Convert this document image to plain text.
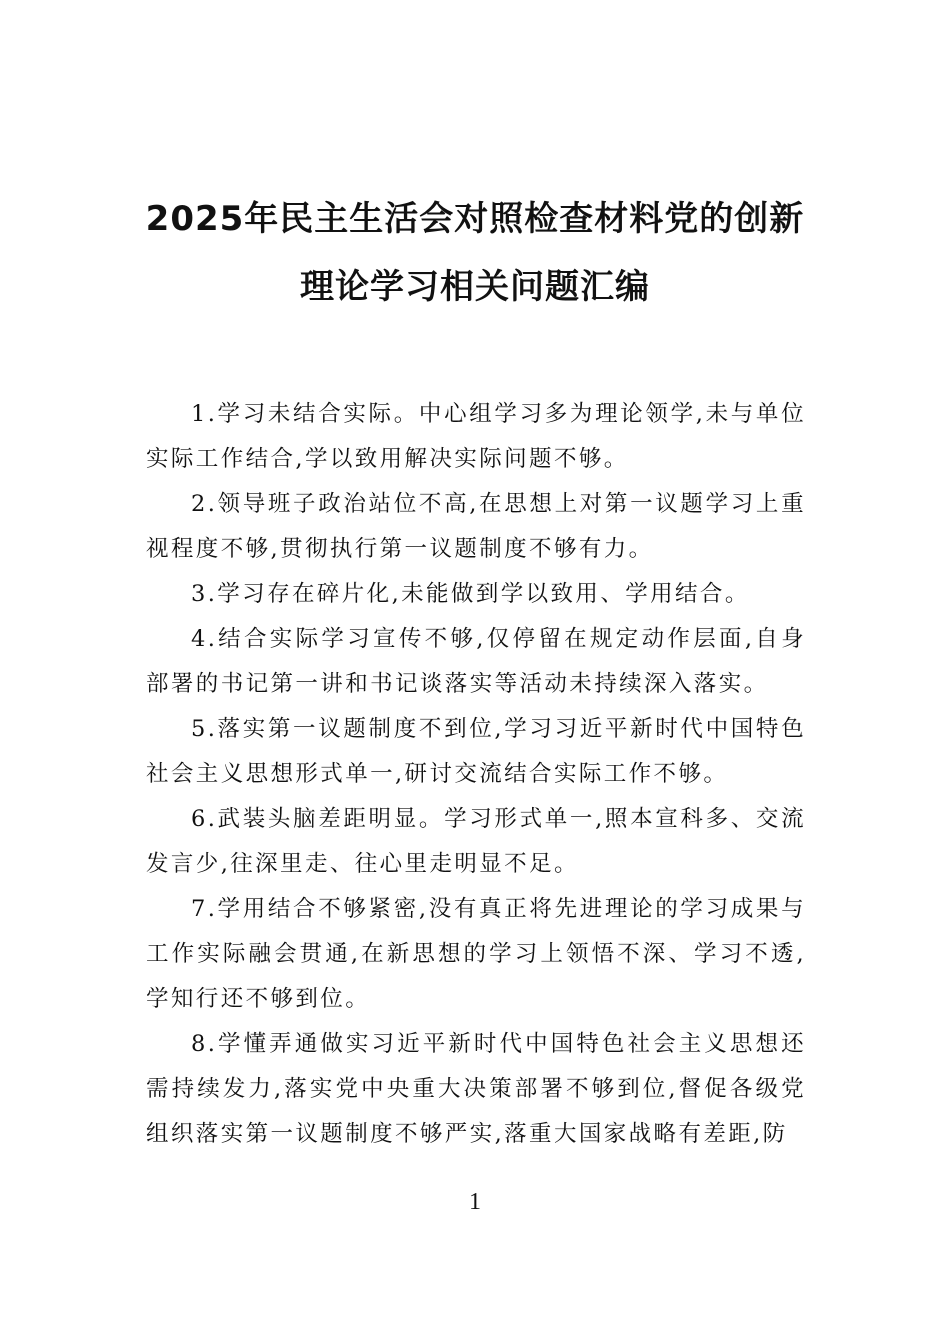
2025年民主生活会对照检查材料党的创新
理论学习相关问题汇编

1.学习未结合实际。中心组学习多为理论领学,未与单位实际工作结合,学以致用解决实际问题不够。

2.领导班子政治站位不高,在思想上对第一议题学习上重视程度不够,贯彻执行第一议题制度不够有力。

3.学习存在碎片化,未能做到学以致用、学用结合。

4.结合实际学习宣传不够,仅停留在规定动作层面,自身部署的书记第一讲和书记谈落实等活动未持续深入落实。

5.落实第一议题制度不到位,学习习近平新时代中国特色社会主义思想形式单一,研讨交流结合实际工作不够。

6.武装头脑差距明显。学习形式单一,照本宣科多、交流发言少,往深里走、往心里走明显不足。

7.学用结合不够紧密,没有真正将先进理论的学习成果与工作实际融会贯通,在新思想的学习上领悟不深、学习不透,学知行还不够到位。

8.学懂弄通做实习近平新时代中国特色社会主义思想还需持续发力,落实党中央重大决策部署不够到位,督促各级党组织落实第一议题制度不够严实,落重大国家战略有差距,防

1
